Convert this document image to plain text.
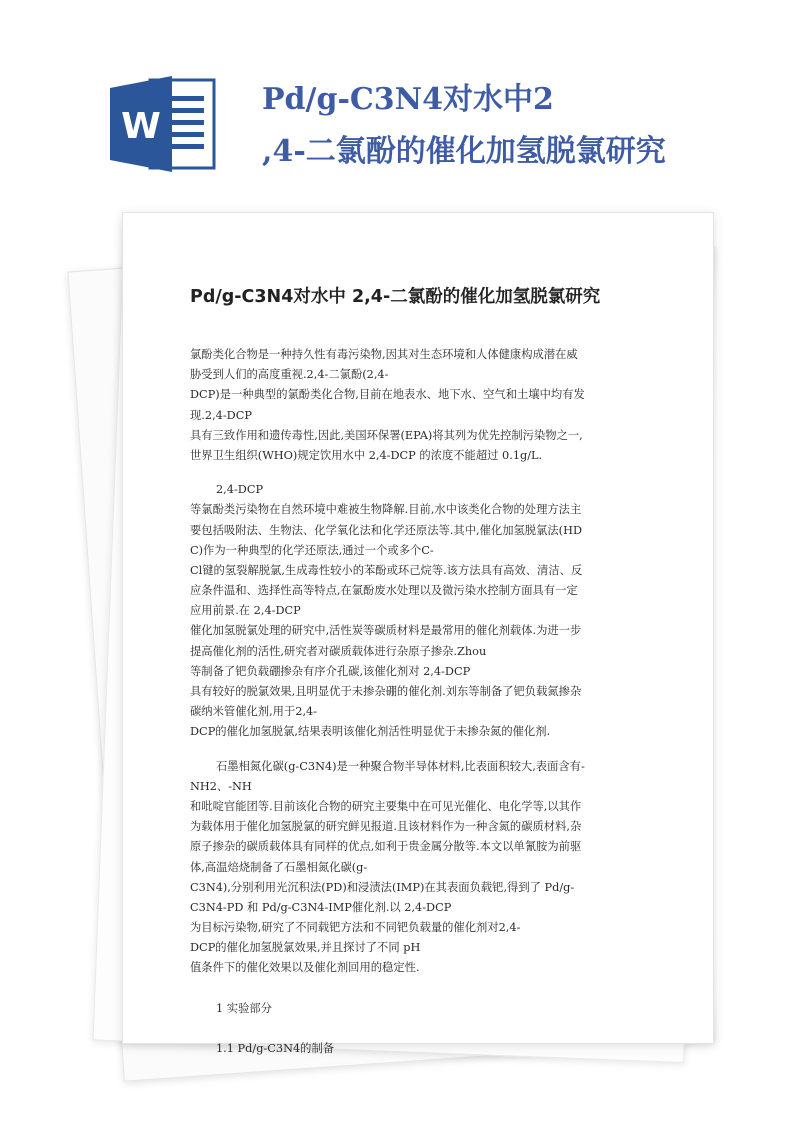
W
Pd/g-C3N4对水中2
,4-二氯酚的催化加氢脱氯研究
Pd/g-C3N4对水中 2,4-二氯酚的催化加氢脱氯研究
氯酚类化合物是一种持久性有毒污染物,因其对生态环境和人体健康构成潜在威
胁受到人们的高度重视.2,4-二氯酚(2,4-
DCP)是一种典型的氯酚类化合物,目前在地表水、地下水、空气和土壤中均有发
现.2,4-DCP
具有三致作用和遗传毒性,因此,美国环保署(EPA)将其列为优先控制污染物之一,
世界卫生组织(WHO)规定饮用水中 2,4-DCP 的浓度不能超过 0.1g/L.
2,4-DCP
等氯酚类污染物在自然环境中难被生物降解.目前,水中该类化合物的处理方法主
要包括吸附法、生物法、化学氧化法和化学还原法等.其中,催化加氢脱氯法(HD
C)作为一种典型的化学还原法,通过一个或多个C-
Cl键的氢裂解脱氯,生成毒性较小的苯酚或环己烷等.该方法具有高效、清洁、反
应条件温和、选择性高等特点,在氯酚废水处理以及微污染水控制方面具有一定
应用前景.在 2,4-DCP
催化加氢脱氯处理的研究中,活性炭等碳质材料是最常用的催化剂载体.为进一步
提高催化剂的活性,研究者对碳质载体进行杂原子掺杂.Zhou
等制备了钯负载硼掺杂有序介孔碳,该催化剂对 2,4-DCP
具有较好的脱氯效果,且明显优于未掺杂硼的催化剂.刘东等制备了钯负载氮掺杂
碳纳米管催化剂,用于2,4-
DCP的催化加氢脱氯,结果表明该催化剂活性明显优于未掺杂氮的催化剂.
石墨相氮化碳(g-C3N4)是一种聚合物半导体材料,比表面积较大,表面含有-
NH2、-NH
和吡啶官能团等.目前该化合物的研究主要集中在可见光催化、电化学等,以其作
为载体用于催化加氢脱氯的研究鲜见报道.且该材料作为一种含氮的碳质材料,杂
原子掺杂的碳质载体具有同样的优点,如利于贵金属分散等.本文以单氰胺为前驱
体,高温焙烧制备了石墨相氮化碳(g-
C3N4),分别利用光沉积法(PD)和浸渍法(IMP)在其表面负载钯,得到了 Pd/g-
C3N4-PD 和 Pd/g-C3N4-IMP催化剂.以 2,4-DCP
为目标污染物,研究了不同载钯方法和不同钯负载量的催化剂对2,4-
DCP的催化加氢脱氯效果,并且探讨了不同 pH
值条件下的催化效果以及催化剂回用的稳定性.
1 实验部分
1.1 Pd/g-C3N4的制备
